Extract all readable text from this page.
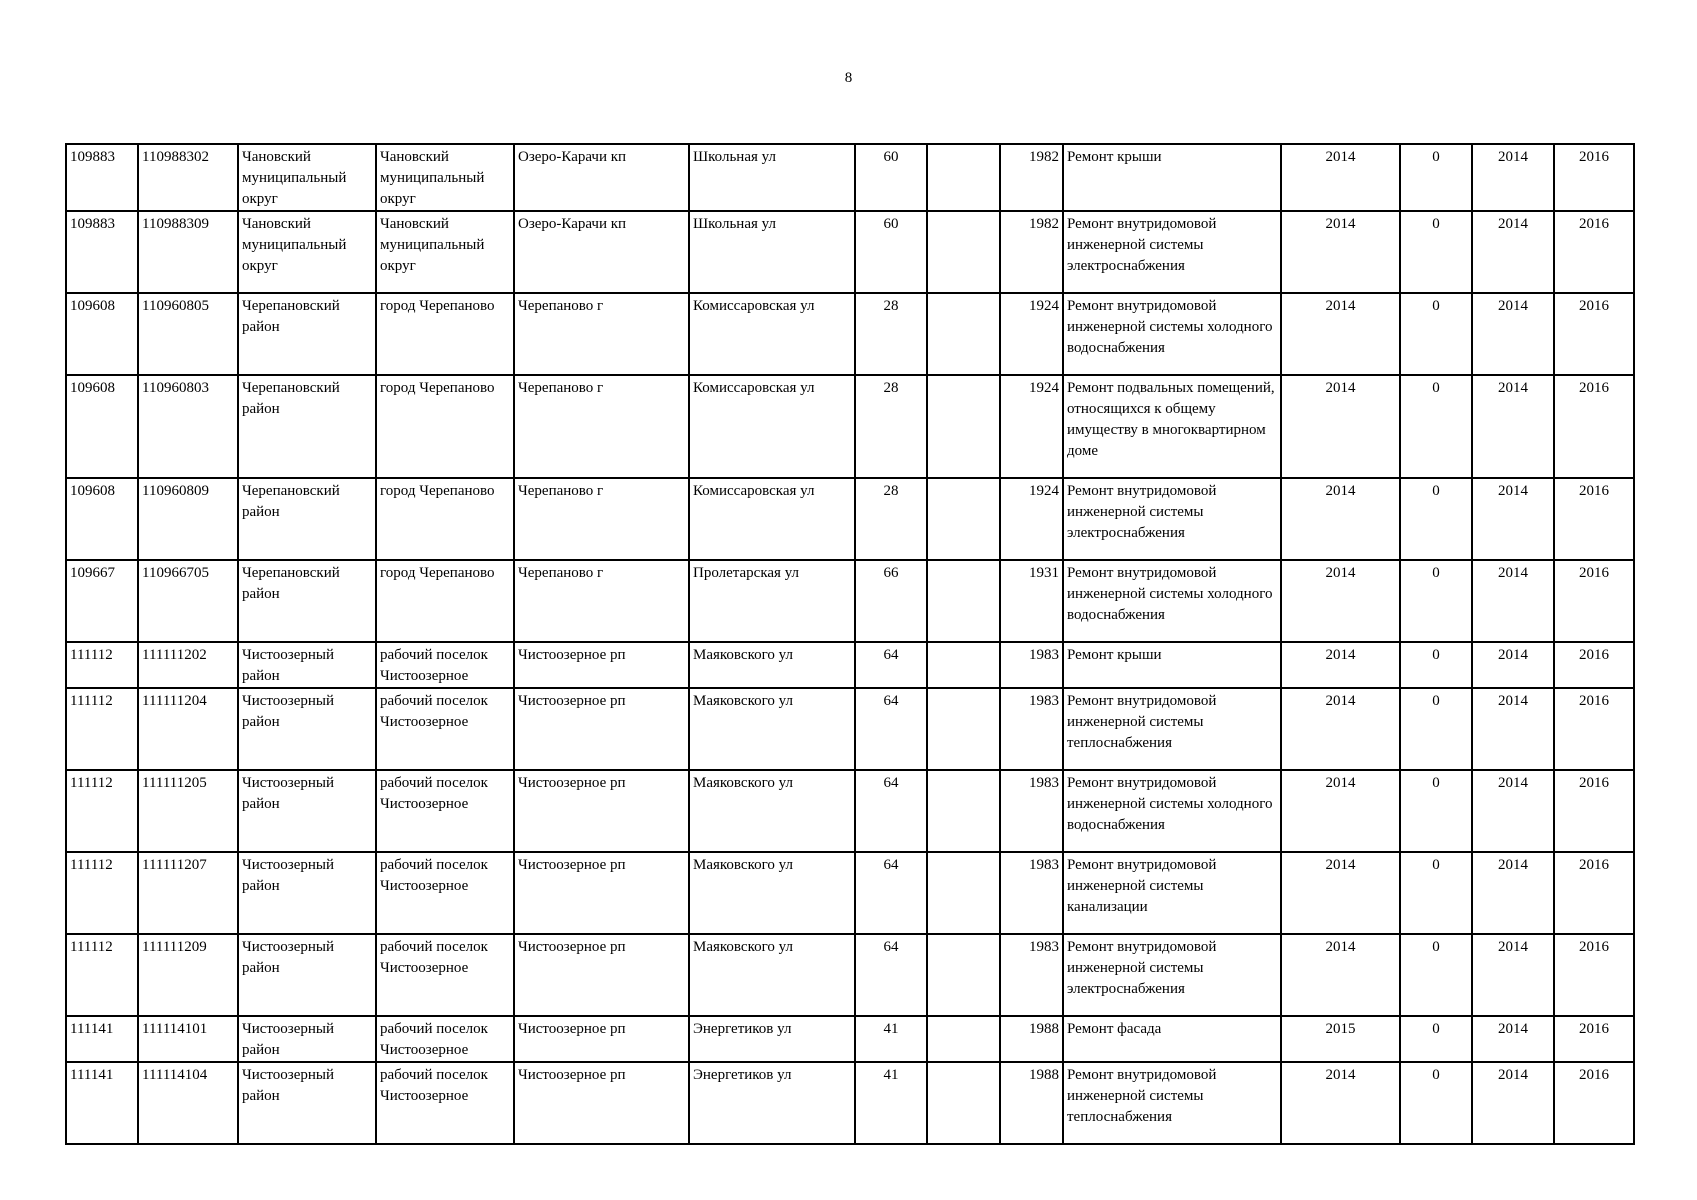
8
109883	110988302	Чановский муниципальный округ	Чановский муниципальный округ	Озеро-Карачи кп	Школьная ул	60		1982	Ремонт крыши	2014	0	2014	2016
109883	110988309	Чановский муниципальный округ	Чановский муниципальный округ	Озеро-Карачи кп	Школьная ул	60		1982	Ремонт внутридомовой инженерной системы электроснабжения	2014	0	2014	2016
109608	110960805	Черепановский район	город Черепаново	Черепаново г	Комиссаровская ул	28		1924	Ремонт внутридомовой инженерной системы холодного водоснабжения	2014	0	2014	2016
109608	110960803	Черепановский район	город Черепаново	Черепаново г	Комиссаровская ул	28		1924	Ремонт подвальных помещений, относящихся к общему имуществу в многоквартирном доме	2014	0	2014	2016
109608	110960809	Черепановский район	город Черепаново	Черепаново г	Комиссаровская ул	28		1924	Ремонт внутридомовой инженерной системы электроснабжения	2014	0	2014	2016
109667	110966705	Черепановский район	город Черепаново	Черепаново г	Пролетарская ул	66		1931	Ремонт внутридомовой инженерной системы холодного водоснабжения	2014	0	2014	2016
111112	111111202	Чистоозерный район	рабочий поселок Чистоозерное	Чистоозерное рп	Маяковского ул	64		1983	Ремонт крыши	2014	0	2014	2016
111112	111111204	Чистоозерный район	рабочий поселок Чистоозерное	Чистоозерное рп	Маяковского ул	64		1983	Ремонт внутридомовой инженерной системы теплоснабжения	2014	0	2014	2016
111112	111111205	Чистоозерный район	рабочий поселок Чистоозерное	Чистоозерное рп	Маяковского ул	64		1983	Ремонт внутридомовой инженерной системы холодного водоснабжения	2014	0	2014	2016
111112	111111207	Чистоозерный район	рабочий поселок Чистоозерное	Чистоозерное рп	Маяковского ул	64		1983	Ремонт внутридомовой инженерной системы канализации	2014	0	2014	2016
111112	111111209	Чистоозерный район	рабочий поселок Чистоозерное	Чистоозерное рп	Маяковского ул	64		1983	Ремонт внутридомовой инженерной системы электроснабжения	2014	0	2014	2016
111141	111114101	Чистоозерный район	рабочий поселок Чистоозерное	Чистоозерное рп	Энергетиков ул	41		1988	Ремонт фасада	2015	0	2014	2016
111141	111114104	Чистоозерный район	рабочий поселок Чистоозерное	Чистоозерное рп	Энергетиков ул	41		1988	Ремонт внутридомовой инженерной системы теплоснабжения	2014	0	2014	2016
